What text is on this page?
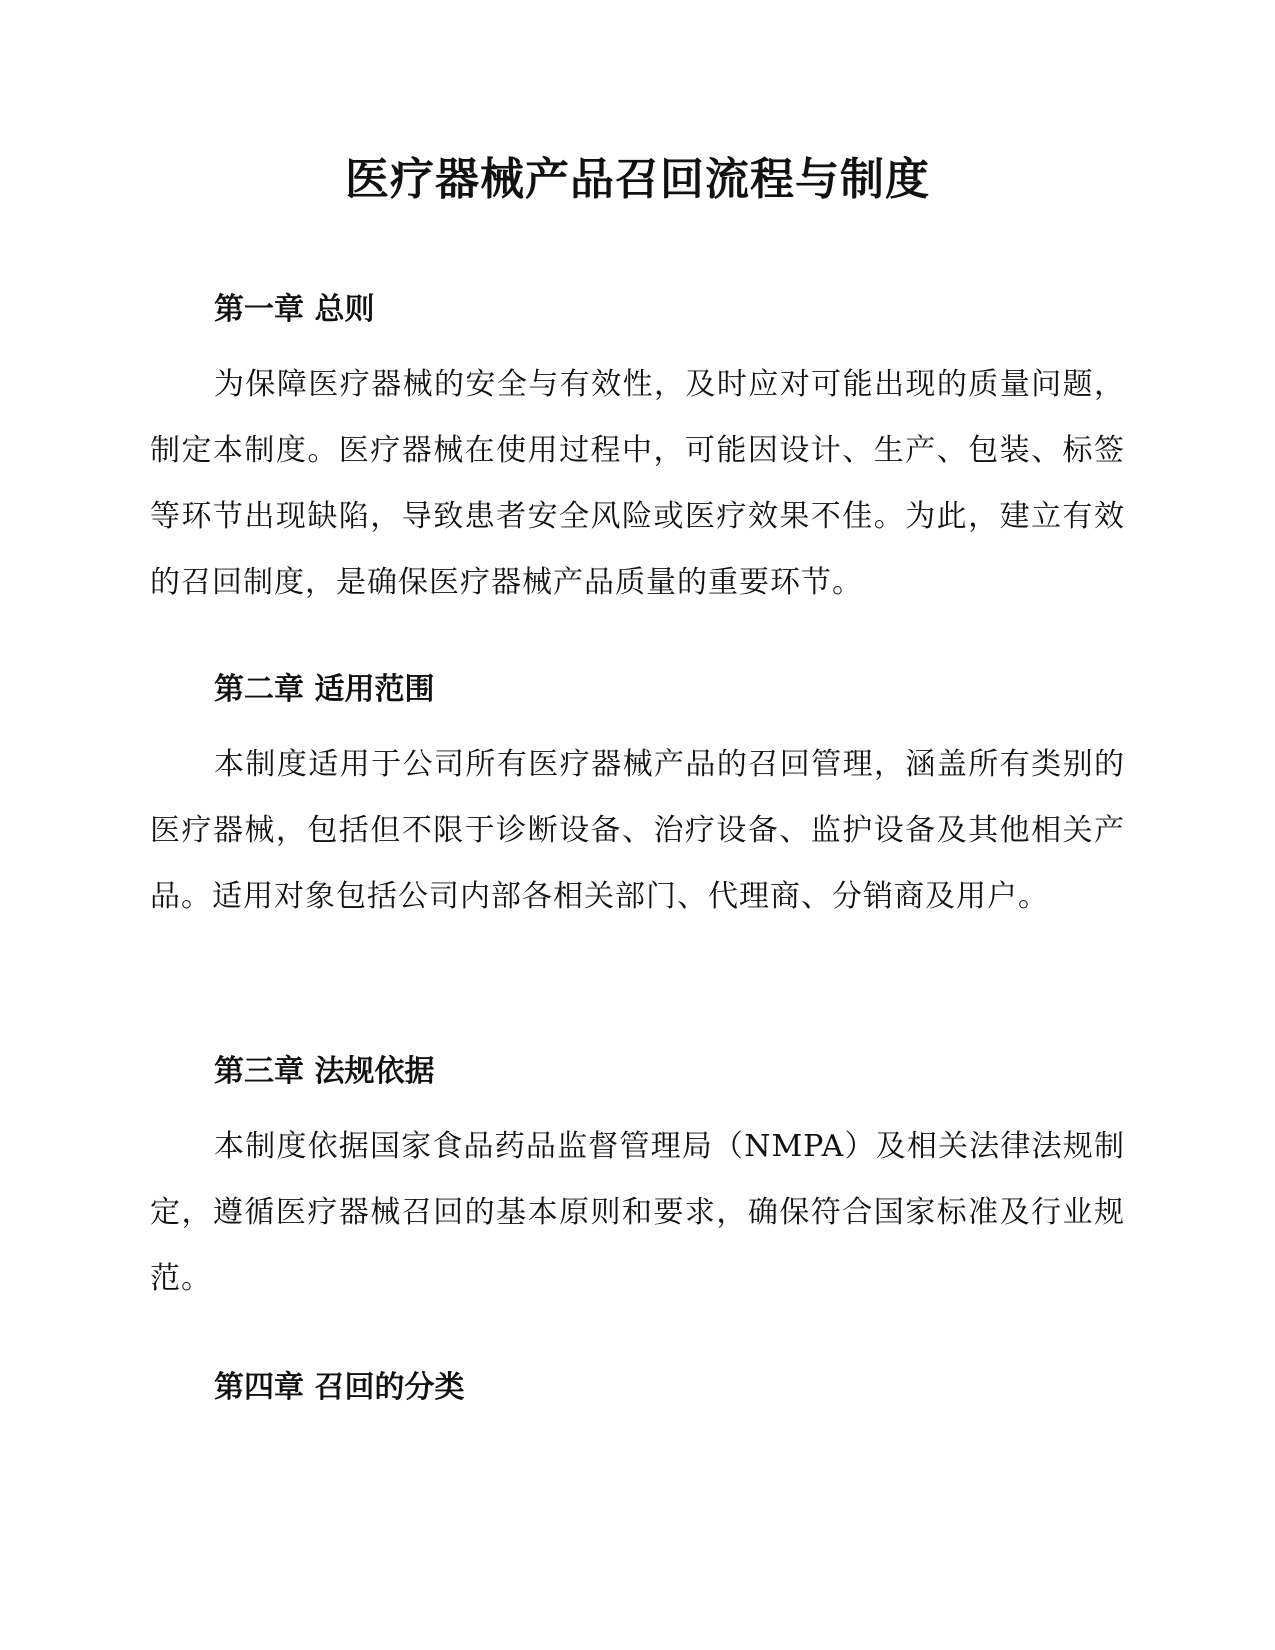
医疗器械产品召回流程与制度
第一章 总则

为保障医疗器械的安全与有效性，及时应对可能出现的质量问题，制定本制度。医疗器械在使用过程中，可能因设计、生产、包装、标签等环节出现缺陷，导致患者安全风险或医疗效果不佳。为此，建立有效的召回制度，是确保医疗器械产品质量的重要环节。

第二章 适用范围

本制度适用于公司所有医疗器械产品的召回管理，涵盖所有类别的医疗器械，包括但不限于诊断设备、治疗设备、监护设备及其他相关产品。适用对象包括公司内部各相关部门、代理商、分销商及用户。

第三章 法规依据

本制度依据国家食品药品监督管理局（NMPA）及相关法律法规制定，遵循医疗器械召回的基本原则和要求，确保符合国家标准及行业规范。

第四章 召回的分类
